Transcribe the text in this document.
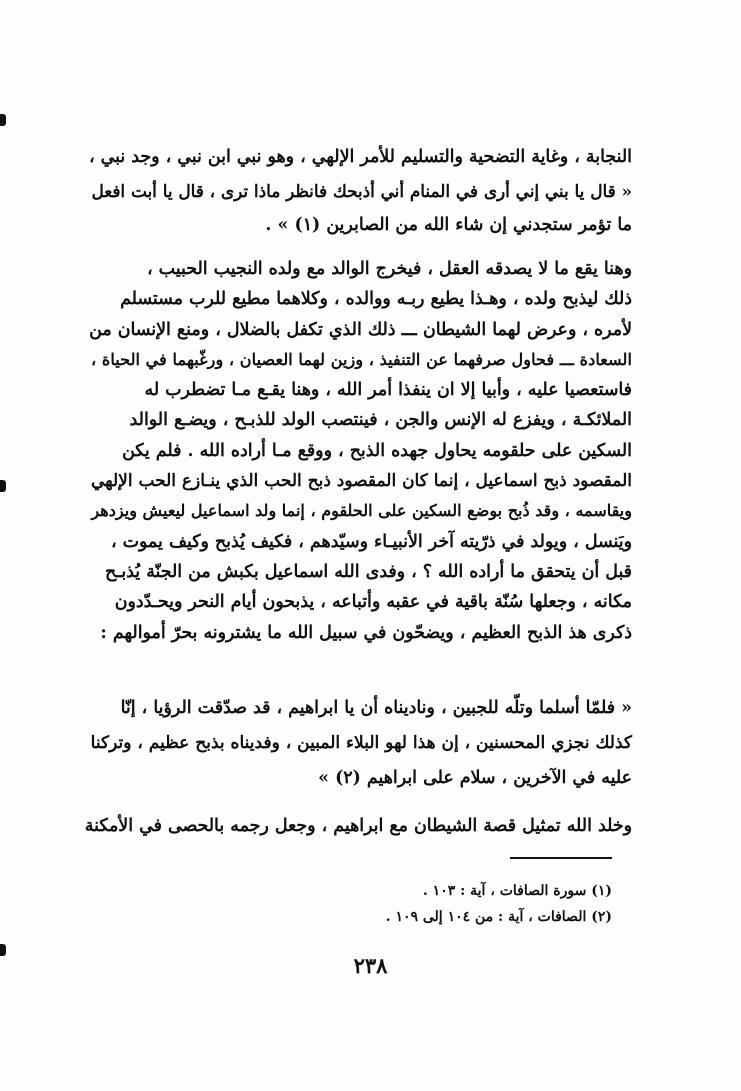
النجابة ، وغاية التضحية والتسليم للأمر الإلهي ، وهو نبي ابن نبي ، وجد نبي ،
« قال يا بني إني أرى في المنام أني أذبحك فانظر ماذا ترى ، قال يا أبت افعل
ما تؤمر ستجدني إن شاء الله من الصابرين (١) » .
وهنا يقع ما لا يصدقه العقل ، فيخرج الوالد مع ولده النجيب الحبيب ،
ذلك ليذبح ولده ، وهـذا يطيع ربـه ووالده ، وكلاهما مطيع للرب مستسلم
لأمره ، وعرض لهما الشيطان ـــ ذلك الذي تكفل بالضلال ، ومنع الإنسان من
السعادة ـــ فحاول صرفهما عن التنفيذ ، وزين لهما العصيان ، ورغّبهما في الحياة ،
فاستعصيا عليه ، وأبيا إلا ان ينفذا أمر الله ، وهنا يقـع مـا تضطرب له
الملائكـة ، ويفزع له الإنس والجن ، فينتصب الولد للذبـح ، ويضـع الوالد
السكين على حلقومه يحاول جهده الذبح ، ووقع مـا أراده الله . فلم يكن
المقصود ذبح اسماعيل ، إنما كان المقصود ذبح الحب الذي ينـازع الحب الإلهي
ويقاسمه ، وقد ذُبح بوضع السكين على الحلقوم ، إنما ولد اسماعيل ليعيش ويزدهر
ويَنسل ، ويولد في ذرّيته آخر الأنبيـاء وسيّدهم ، فكيف يُذبح وكيف يموت ،
قبل أن يتحقق ما أراده الله ؟ ، وفدى الله اسماعيل بكبش من الجنّة يُذبـح
مكانه ، وجعلها سُنّة باقية في عقبه وأتباعه ، يذبحون أيام النحر ويحـدّدون
ذكرى هذ الذبح العظيم ، ويضحّون في سبيل الله ما يشترونه بحرّ أموالهم :
« فلمّا أسلما وتلّه للجبين ، وناديناه أن يا ابراهيم ، قد صدّقت الرؤيا ، إنّا
كذلك نجزي المحسنين ، إن هذا لهو البلاء المبين ، وفديناه بذبح عظيم ، وتركنا
عليه في الآخرين ، سلام على ابراهيم (٢) »
وخلد الله تمثيل قصة الشيطان مع ابراهيم ، وجعل رجمه بالحصى في الأمكنة
(١) سورة الصافات ، آية : ١٠٣ .
(٢) الصافات ، آية : من ١٠٤ إلى ١٠٩ .
٢٣٨
